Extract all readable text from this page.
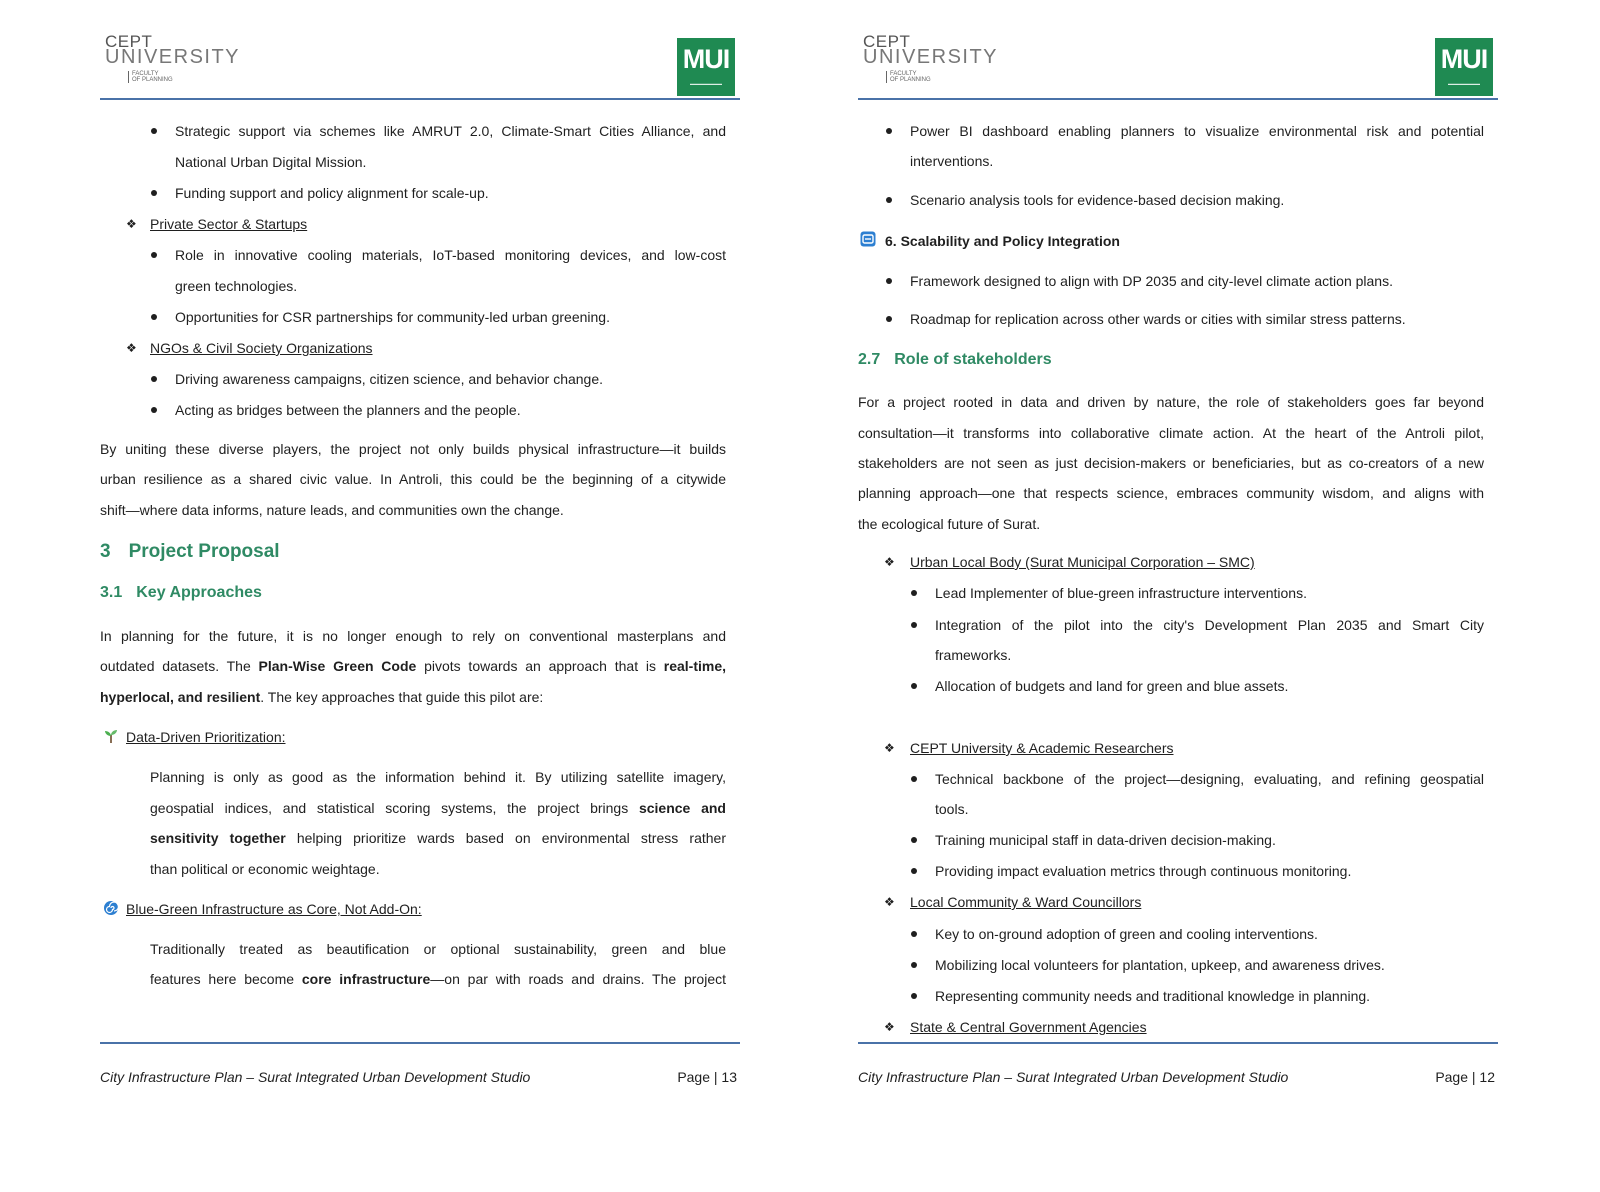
CEPT
UNIVERSITY
FACULTY
OF PLANNING
MUI
▬▬▬▬▬▬▬▬
Strategic support via schemes like AMRUT 2.0, Climate-Smart Cities Alliance, and
National Urban Digital Mission.
Funding support and policy alignment for scale-up.
❖ Private Sector & Startups
Role in innovative cooling materials, IoT-based monitoring devices, and low-cost
green technologies.
Opportunities for CSR partnerships for community-led urban greening.
❖ NGOs & Civil Society Organizations
Driving awareness campaigns, citizen science, and behavior change.
Acting as bridges between the planners and the people.
By uniting these diverse players, the project not only builds physical infrastructure—it builds
urban resilience as a shared civic value. In Antroli, this could be the beginning of a citywide
shift—where data informs, nature leads, and communities own the change.
3 Project Proposal
3.1 Key Approaches
In planning for the future, it is no longer enough to rely on conventional masterplans and
outdated datasets. The Plan-Wise Green Code pivots towards an approach that is real-time,
hyperlocal, and resilient. The key approaches that guide this pilot are:
Data-Driven Prioritization:
Planning is only as good as the information behind it. By utilizing satellite imagery,
geospatial indices, and statistical scoring systems, the project brings science and
sensitivity together helping prioritize wards based on environmental stress rather
than political or economic weightage.
Blue-Green Infrastructure as Core, Not Add-On:
Traditionally treated as beautification or optional sustainability, green and blue
features here become core infrastructure—on par with roads and drains. The project
City Infrastructure Plan – Surat Integrated Urban Development Studio	Page | 13
CEPT
UNIVERSITY
FACULTY
OF PLANNING
MUI
▬▬▬▬▬▬▬▬
Power BI dashboard enabling planners to visualize environmental risk and potential
interventions.
Scenario analysis tools for evidence-based decision making.
6. Scalability and Policy Integration
Framework designed to align with DP 2035 and city-level climate action plans.
Roadmap for replication across other wards or cities with similar stress patterns.
2.7 Role of stakeholders
For a project rooted in data and driven by nature, the role of stakeholders goes far beyond
consultation—it transforms into collaborative climate action. At the heart of the Antroli pilot,
stakeholders are not seen as just decision-makers or beneficiaries, but as co-creators of a new
planning approach—one that respects science, embraces community wisdom, and aligns with
the ecological future of Surat.
❖ Urban Local Body (Surat Municipal Corporation – SMC)
Lead Implementer of blue-green infrastructure interventions.
Integration of the pilot into the city's Development Plan 2035 and Smart City
frameworks.
Allocation of budgets and land for green and blue assets.
❖ CEPT University & Academic Researchers
Technical backbone of the project—designing, evaluating, and refining geospatial
tools.
Training municipal staff in data-driven decision-making.
Providing impact evaluation metrics through continuous monitoring.
❖ Local Community & Ward Councillors
Key to on-ground adoption of green and cooling interventions.
Mobilizing local volunteers for plantation, upkeep, and awareness drives.
Representing community needs and traditional knowledge in planning.
❖ State & Central Government Agencies
City Infrastructure Plan – Surat Integrated Urban Development Studio	Page | 12
